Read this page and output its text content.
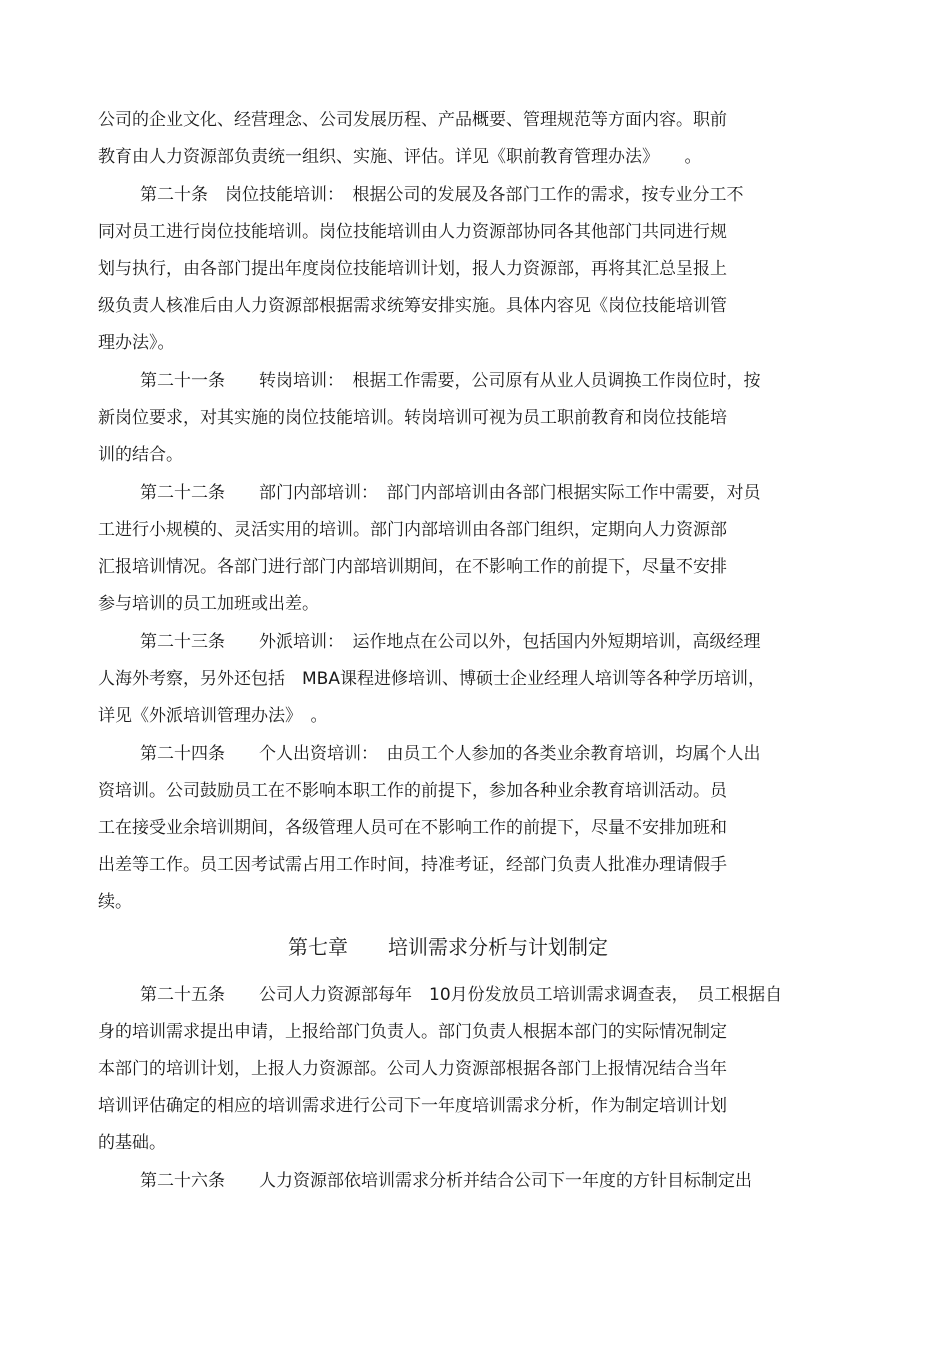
公司的企业文化、经营理念、公司发展历程、产品概要、管理规范等方面内容。职前
教育由人力资源部负责统一组织、实施、评估。详见《职前教育管理办法》　　。
第二十条　岗位技能培训：　根据公司的发展及各部门工作的需求，按专业分工不
同对员工进行岗位技能培训。岗位技能培训由人力资源部协同各其他部门共同进行规
划与执行，由各部门提出年度岗位技能培训计划，报人力资源部，再将其汇总呈报上
级负责人核准后由人力资源部根据需求统筹安排实施。具体内容见《岗位技能培训管
理办法》。
第二十一条　　转岗培训：　根据工作需要，公司原有从业人员调换工作岗位时，按
新岗位要求，对其实施的岗位技能培训。转岗培训可视为员工职前教育和岗位技能培
训的结合。
第二十二条　　部门内部培训：　部门内部培训由各部门根据实际工作中需要，对员
工进行小规模的、灵活实用的培训。部门内部培训由各部门组织，定期向人力资源部
汇报培训情况。各部门进行部门内部培训期间，在不影响工作的前提下，尽量不安排
参与培训的员工加班或出差。
第二十三条　　外派培训：　运作地点在公司以外，包括国内外短期培训，高级经理
人海外考察，另外还包括　MBA课程进修培训、博硕士企业经理人培训等各种学历培训，
详见《外派培训管理办法》　。
第二十四条　　个人出资培训：　由员工个人参加的各类业余教育培训，均属个人出
资培训。公司鼓励员工在不影响本职工作的前提下，参加各种业余教育培训活动。员
工在接受业余培训期间，各级管理人员可在不影响工作的前提下，尽量不安排加班和
出差等工作。员工因考试需占用工作时间，持准考证，经部门负责人批准办理请假手
续。
第七章　　培训需求分析与计划制定
第二十五条　　公司人力资源部每年　10月份发放员工培训需求调查表，　员工根据自
身的培训需求提出申请，上报给部门负责人。部门负责人根据本部门的实际情况制定
本部门的培训计划，上报人力资源部。公司人力资源部根据各部门上报情况结合当年
培训评估确定的相应的培训需求进行公司下一年度培训需求分析，作为制定培训计划
的基础。
第二十六条　　人力资源部依培训需求分析并结合公司下一年度的方针目标制定出
